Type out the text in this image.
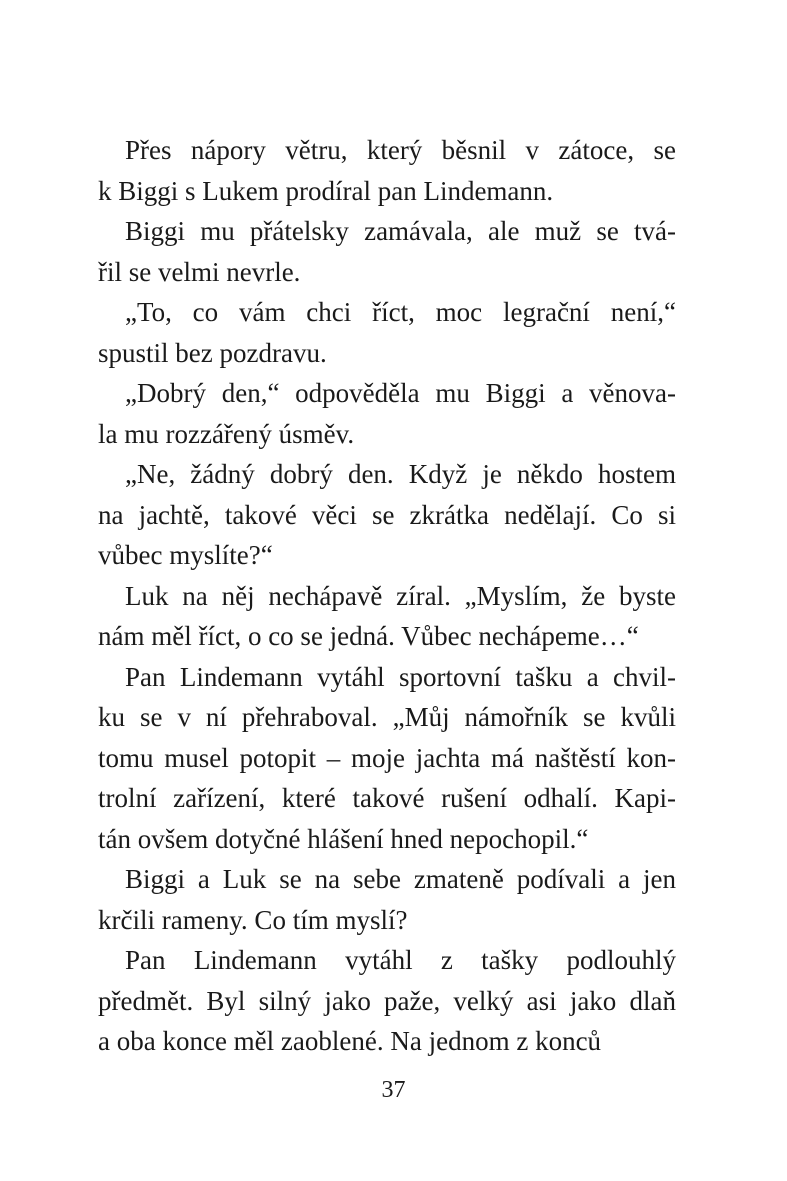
Přes nápory větru, který běsnil v zátoce, se
k Biggi s Lukem prodíral pan Lindemann.
Biggi mu přátelsky zamávala, ale muž se tvá-
řil se velmi nevrle.
„To, co vám chci říct, moc legrační není,“
spustil bez pozdravu.
„Dobrý den,“ odpověděla mu Biggi a věnova-
la mu rozzářený úsměv.
„Ne, žádný dobrý den. Když je někdo hostem
na jachtě, takové věci se zkrátka nedělají. Co si
vůbec myslíte?“
Luk na něj nechápavě zíral. „Myslím, že byste
nám měl říct, o co se jedná. Vůbec nechápeme…“
Pan Lindemann vytáhl sportovní tašku a chvil-
ku se v ní přehraboval. „Můj námořník se kvůli
tomu musel potopit – moje jachta má naštěstí kon-
trolní zařízení, které takové rušení odhalí. Kapi-
tán ovšem dotyčné hlášení hned nepochopil.“
Biggi a Luk se na sebe zmateně podívali a jen
krčili rameny. Co tím myslí?
Pan Lindemann vytáhl z tašky podlouhlý
předmět. Byl silný jako paže, velký asi jako dlaň
a oba konce měl zaoblené. Na jednom z konců
37
